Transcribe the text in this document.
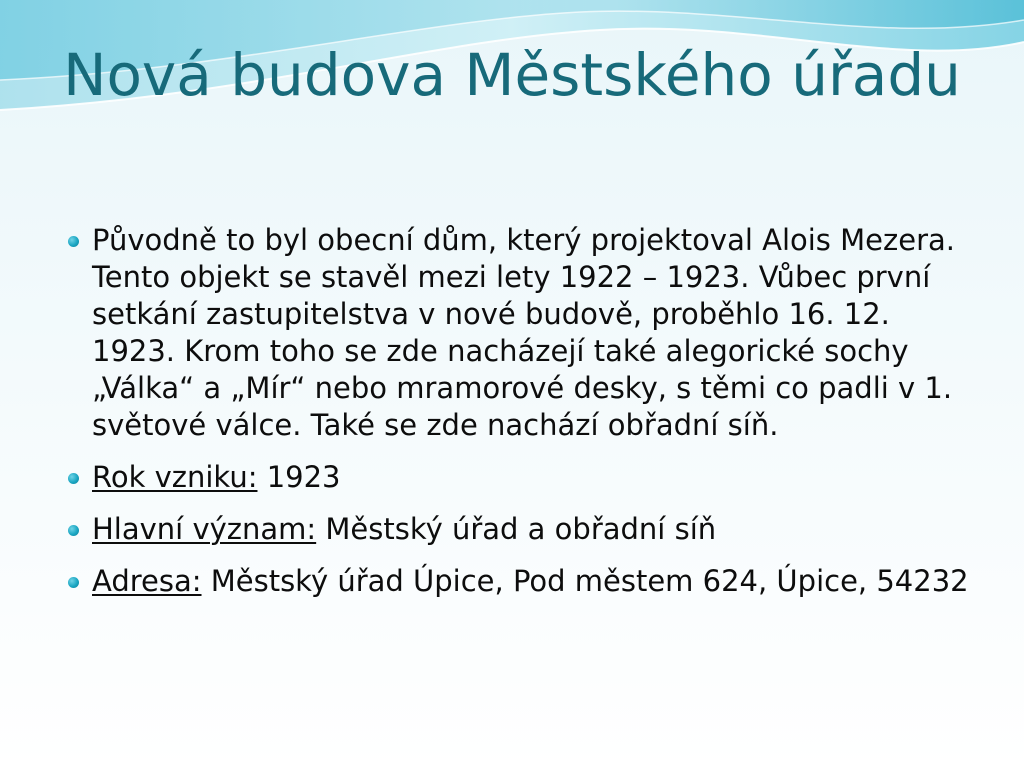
Nová budova Městského úřadu
Původně to byl obecní dům, který projektoval Alois Mezera. Tento objekt se stavěl mezi lety 1922 – 1923. Vůbec první setkání zastupitelstva v nové budově, proběhlo 16. 12. 1923. Krom toho se zde nacházejí také alegorické sochy „Válka“ a „Mír“ nebo mramorové desky, s těmi co padli v 1. světové válce. Také se zde nachází obřadní síň.
Rok vzniku: 1923
Hlavní význam: Městský úřad a obřadní síň
Adresa: Městský úřad Úpice, Pod městem 624, Úpice, 54232
